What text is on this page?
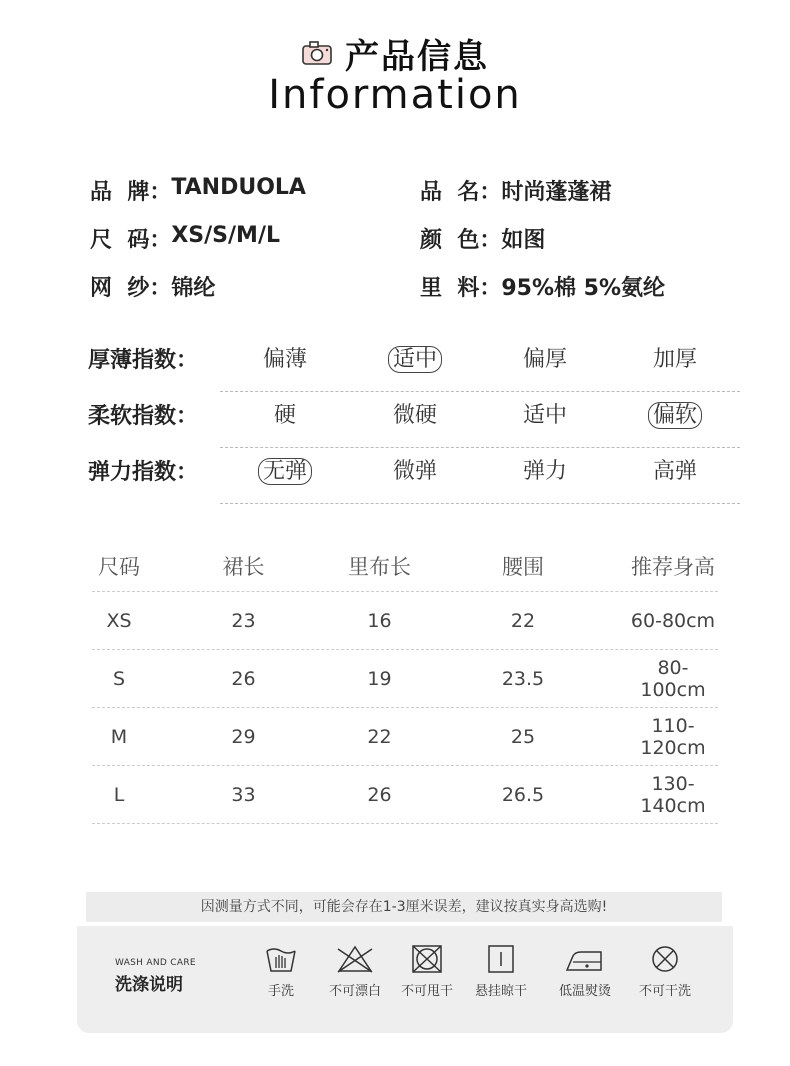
产品信息
Information
品  牌： TANDUOLA	品  名： 时尚蓬蓬裙
尺  码： XS/S/M/L	颜  色： 如图
网  纱： 锦纶	里  料： 95%棉 5%氨纶
厚薄指数：	偏薄	适中	偏厚	加厚
柔软指数：	硬	微硬	适中	偏软
弹力指数：	无弹	微弹	弹力	高弹
尺码	裙长	里布长	腰围	推荐身高
XS	23	16	22	60-80cm
S	26	19	23.5	80-100cm
M	29	22	25	110-120cm
L	33	26	26.5	130-140cm
因测量方式不同，可能会存在1-3厘米误差，建议按真实身高选购!
WASH AND CARE
洗涤说明	手洗	不可漂白	不可甩干	悬挂晾干	低温熨烫	不可干洗
